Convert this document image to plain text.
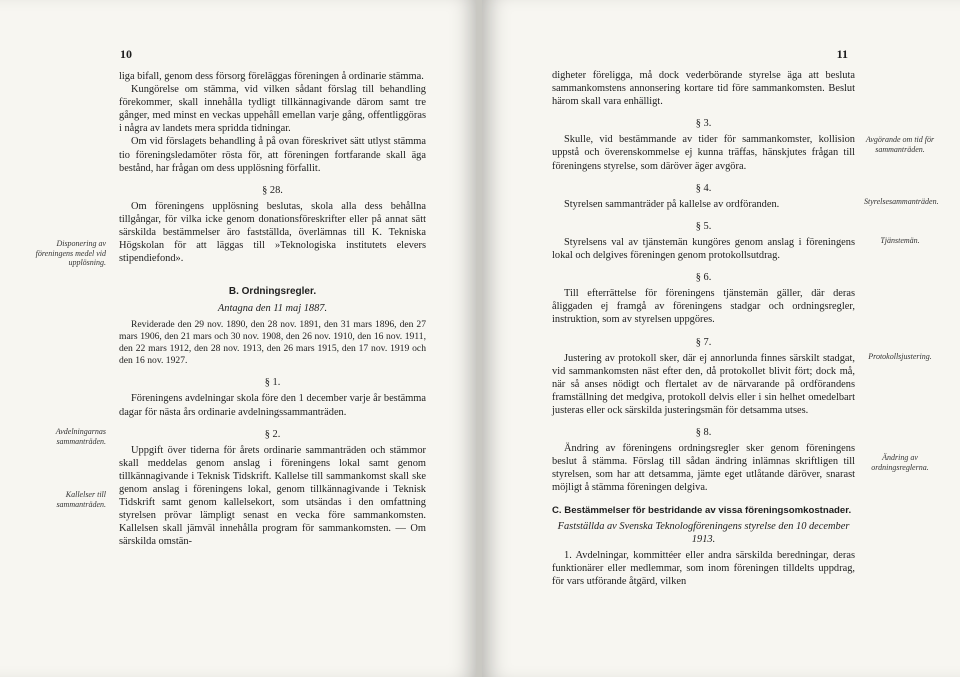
10
Disponering av föreningens medel vid upplösning.
Avdelningarnas sammanträden.
Kallelser till sammanträden.

liga bifall, genom dess försorg föreläggas föreningen å ordinarie stämma.

Kungörelse om stämma, vid vilken sådant förslag till behandling förekommer, skall innehålla tydligt tillkännagivande därom samt tre gånger, med minst en veckas uppehåll emellan varje gång, offentliggöras i några av landets mera spridda tidningar.

Om vid förslagets behandling å på ovan föreskrivet sätt utlyst stämma tio föreningsledamöter rösta för, att föreningen fortfarande skall äga bestånd, har frågan om dess upplösning förfallit.

§ 28.

Om föreningens upplösning beslutas, skola alla dess behållna tillgångar, för vilka icke genom donationsföreskrifter eller på annat sätt särskilda bestämmelser äro fastställda, överlämnas till K. Tekniska Högskolan för att läggas till »Teknologiska institutets elevers stipendiefond».

B. Ordningsregler.
Antagna den 11 maj 1887.

Reviderade den 29 nov. 1890, den 28 nov. 1891, den 31 mars 1896, den 27 mars 1906, den 21 mars och 30 nov. 1908, den 26 nov. 1910, den 16 nov. 1911, den 22 mars 1912, den 28 nov. 1913, den 26 mars 1915, den 17 nov. 1919 och den 16 nov. 1927.

§ 1.

Föreningens avdelningar skola före den 1 december varje år bestämma dagar för nästa års ordinarie avdelningssammanträden.

§ 2.

Uppgift över tiderna för årets ordinarie sammanträden och stämmor skall meddelas genom anslag i föreningens lokal samt genom tillkännagivande i Teknisk Tidskrift. Kallelse till sammankomst skall ske genom anslag i föreningens lokal, genom tillkännagivande i Teknisk Tidskrift samt genom kallelsekort, som utsändas i den omfattning styrelsen prövar lämpligt senast en vecka före sammankomsten. Kallelsen skall jämväl innehålla program för sammankomsten. — Om särskilda omstän-

11
Avgörande om tid för sammanträden.
Styrelsesammanträden.
Tjänstemän.
Protokollsjustering.
Ändring av ordningsreglerna.

digheter föreligga, må dock vederbörande styrelse äga att besluta sammankomstens annonsering kortare tid före sammankomsten. Beslut härom skall vara enhälligt.

§ 3.

Skulle, vid bestämmande av tider för sammankomster, kollision uppstå och överenskommelse ej kunna träffas, hänskjutes frågan till föreningens styrelse, som däröver äger avgöra.

§ 4.

Styrelsen sammanträder på kallelse av ordföranden.

§ 5.

Styrelsens val av tjänstemän kungöres genom anslag i föreningens lokal och delgives föreningen genom protokollsutdrag.

§ 6.

Till efterrättelse för föreningens tjänstemän gäller, där deras åliggaden ej framgå av föreningens stadgar och ordningsregler, instruktion, som av styrelsen uppgöres.

§ 7.

Justering av protokoll sker, där ej annorlunda finnes särskilt stadgat, vid sammankomsten näst efter den, då protokollet blivit fört; dock må, när så anses nödigt och flertalet av de närvarande på ordförandens framställning det medgiva, protokoll delvis eller i sin helhet omedelbart justeras eller ock särskilda justeringsmän för detsamma utses.

§ 8.

Ändring av föreningens ordningsregler sker genom föreningens beslut å stämma. Förslag till sådan ändring inlämnas skriftligen till styrelsen, som har att detsamma, jämte eget utlåtande däröver, snarast möjligt å stämma föreningen delgiva.

C. Bestämmelser för bestridande av vissa föreningsomkostnader.
Fastställda av Svenska Teknologföreningens styrelse den 10 december 1913.

1. Avdelningar, kommittéer eller andra särskilda beredningar, deras funktionärer eller medlemmar, som inom föreningen tilldelts uppdrag, för vars utförande åtgärd, vilken
